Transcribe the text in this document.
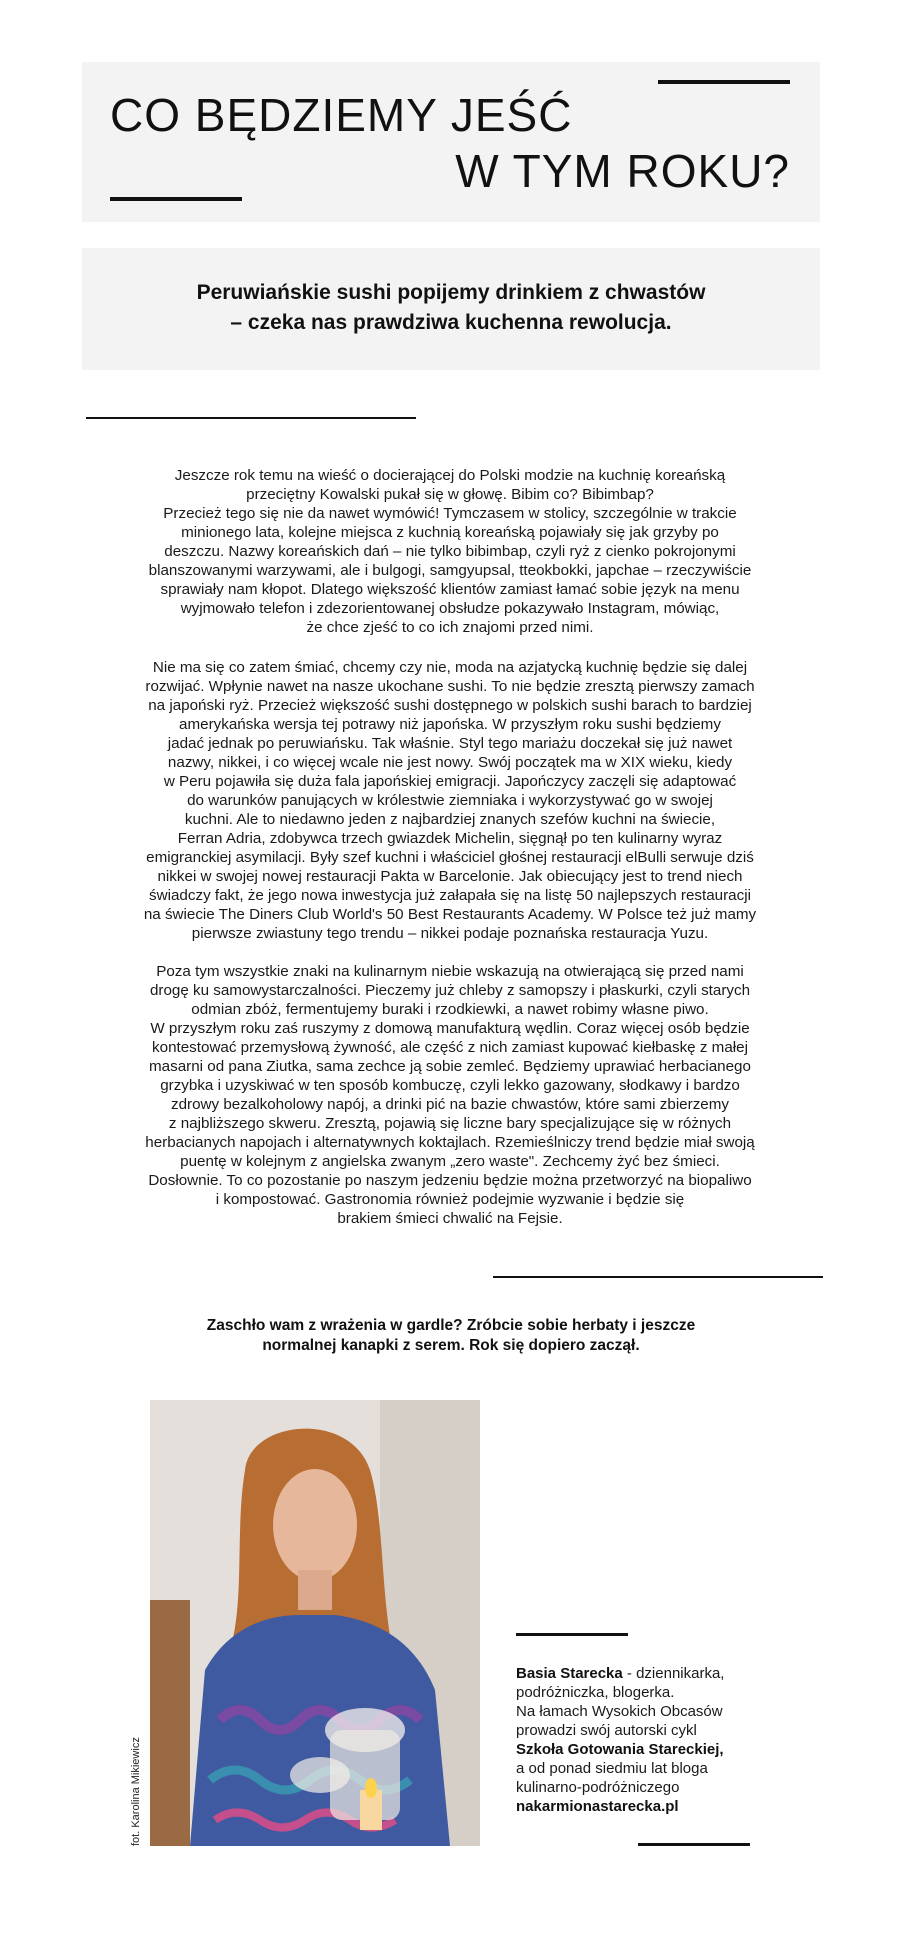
CO BĘDZIEMY JEŚĆ
W TYM ROKU?
Peruwiańskie sushi popijemy drinkiem z chwastów
– czeka nas prawdziwa kuchenna rewolucja.
Jeszcze rok temu na wieść o docierającej do Polski modzie na kuchnię koreańską
przeciętny Kowalski pukał się w głowę. Bibim co? Bibimbap?
Przecież tego się nie da nawet wymówić! Tymczasem w stolicy, szczególnie w trakcie
minionego lata, kolejne miejsca z kuchnią koreańską pojawiały się jak grzyby po
deszczu. Nazwy koreańskich dań – nie tylko bibimbap, czyli ryż z cienko pokrojonymi
blanszowanymi warzywami, ale i bulgogi, samgyupsal, tteokbokki, japchae – rzeczywiście
sprawiały nam kłopot. Dlatego większość klientów zamiast łamać sobie język na menu
wyjmowało telefon i zdezorientowanej obsłudze pokazywało Instagram, mówiąc,
że chce zjeść to co ich znajomi przed nimi.
Nie ma się co zatem śmiać, chcemy czy nie, moda na azjatycką kuchnię będzie się dalej
rozwijać. Wpłynie nawet na nasze ukochane sushi. To nie będzie zresztą pierwszy zamach
na japoński ryż. Przecież większość sushi dostępnego w polskich sushi barach to bardziej
amerykańska wersja tej potrawy niż japońska. W przyszłym roku sushi będziemy
jadać jednak po peruwiańsku. Tak właśnie. Styl tego mariażu doczekał się już nawet
nazwy, nikkei, i co więcej wcale nie jest nowy. Swój początek ma w XIX wieku, kiedy
w Peru pojawiła się duża fala japońskiej emigracji. Japończycy zaczęli się adaptować
do warunków panujących w królestwie ziemniaka i wykorzystywać go w swojej
kuchni. Ale to niedawno jeden z najbardziej znanych szefów kuchni na świecie,
Ferran Adria, zdobywca trzech gwiazdek Michelin, sięgnął po ten kulinarny wyraz
emigranckiej asymilacji. Były szef kuchni i właściciel głośnej restauracji elBulli serwuje dziś
nikkei w swojej nowej restauracji Pakta w Barcelonie. Jak obiecujący jest to trend niech
świadczy fakt, że jego nowa inwestycja już załapała się na listę 50 najlepszych restauracji
na świecie The Diners Club World's 50 Best Restaurants Academy. W Polsce też już mamy
pierwsze zwiastuny tego trendu – nikkei podaje poznańska restauracja Yuzu.
Poza tym wszystkie znaki na kulinarnym niebie wskazują na otwierającą się przed nami
drogę ku samowystarczalności. Pieczemy już chleby z samopszy i płaskurki, czyli starych
odmian zbóż, fermentujemy buraki i rzodkiewki, a nawet robimy własne piwo.
W przyszłym roku zaś ruszymy z domową manufakturą wędlin. Coraz więcej osób będzie
kontestować przemysłową żywność, ale część z nich zamiast kupować kiełbaskę z małej
masarni od pana Ziutka, sama zechce ją sobie zemleć. Będziemy uprawiać herbacianego
grzybka i uzyskiwać w ten sposób kombuczę, czyli lekko gazowany, słodkawy i bardzo
zdrowy bezalkoholowy napój, a drinki pić na bazie chwastów, które sami zbierzemy
z najbliższego skweru. Zresztą, pojawią się liczne bary specjalizujące się w różnych
herbacianych napojach i alternatywnych koktajlach. Rzemieślniczy trend będzie miał swoją
puentę w kolejnym z angielska zwanym „zero waste". Zechcemy żyć bez śmieci.
Dosłownie. To co pozostanie po naszym jedzeniu będzie można przetworzyć na biopaliwo
i kompostować. Gastronomia również podejmie wyzwanie i będzie się
brakiem śmieci chwalić na Fejsie.
Zaschło wam z wrażenia w gardle? Zróbcie sobie herbaty i jeszcze
normalnej kanapki z serem. Rok się dopiero zaczął.
fot. Karolina Mikiewicz
Basia Starecka - dziennikarka,
podróżniczka, blogerka.
Na łamach Wysokich Obcasów
prowadzi swój autorski cykl
Szkoła Gotowania Stareckiej,
a od ponad siedmiu lat bloga
kulinarno-podróżniczego
nakarmionastarecka.pl
